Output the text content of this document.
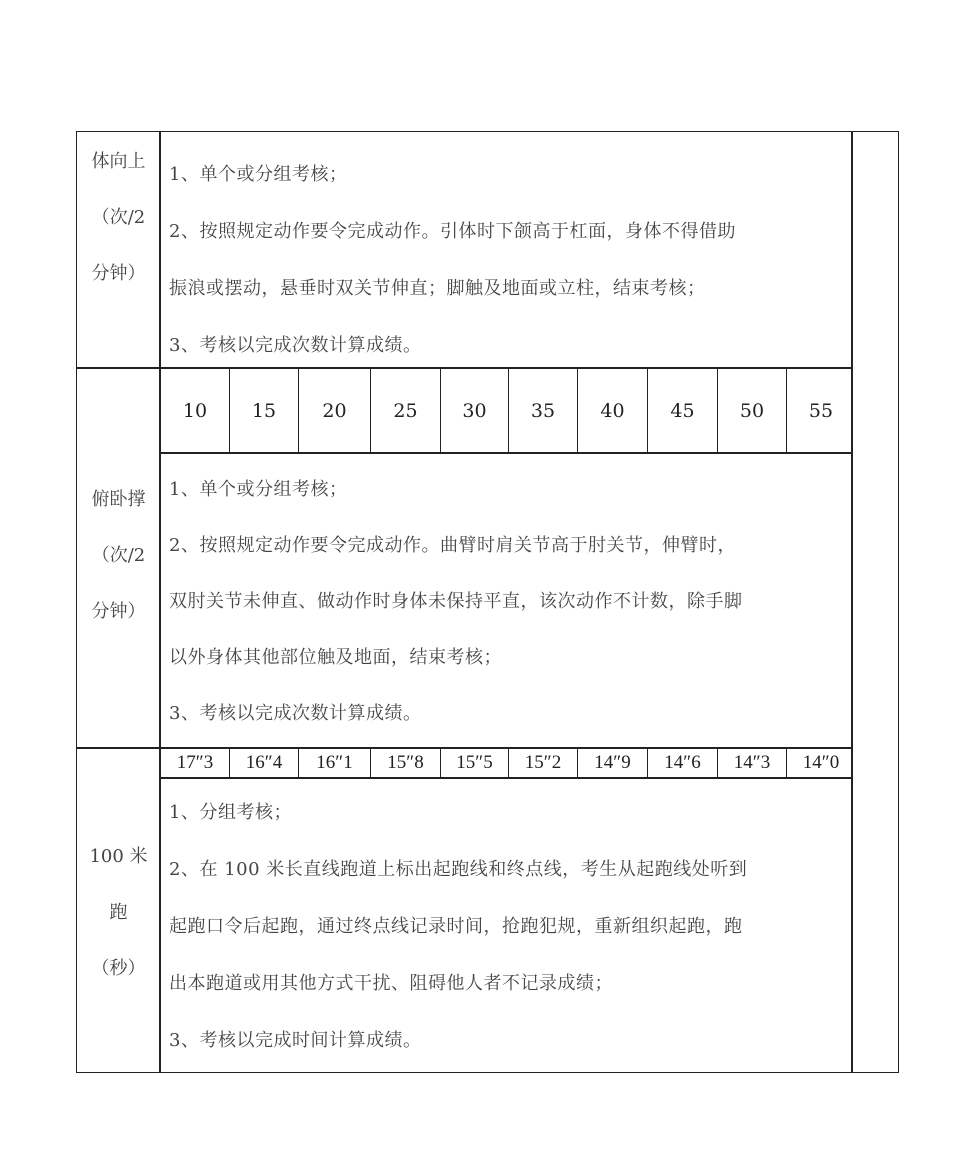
体向上
（次/2
分钟）

1、单个或分组考核；

2、按照规定动作要令完成动作。引体时下颌高于杠面，身体不得借助

振浪或摆动，悬垂时双关节伸直；脚触及地面或立柱，结束考核；

3、考核以完成次数计算成绩。

10	15	20	25	30	35	40	45	50	55
俯卧撑
（次/2
分钟）

1、单个或分组考核；

2、按照规定动作要令完成动作。曲臂时肩关节高于肘关节，伸臂时，

双肘关节未伸直、做动作时身体未保持平直，该次动作不计数，除手脚

以外身体其他部位触及地面，结束考核；

3、考核以完成次数计算成绩。

17″3	16″4	16″1	15″8	15″5	15″2	14″9	14″6	14″3	14″0
100 米
跑
（秒）

1、分组考核；

2、在 100 米长直线跑道上标出起跑线和终点线，考生从起跑线处听到

起跑口令后起跑，通过终点线记录时间，抢跑犯规，重新组织起跑，跑

出本跑道或用其他方式干扰、阻碍他人者不记录成绩；

3、考核以完成时间计算成绩。
